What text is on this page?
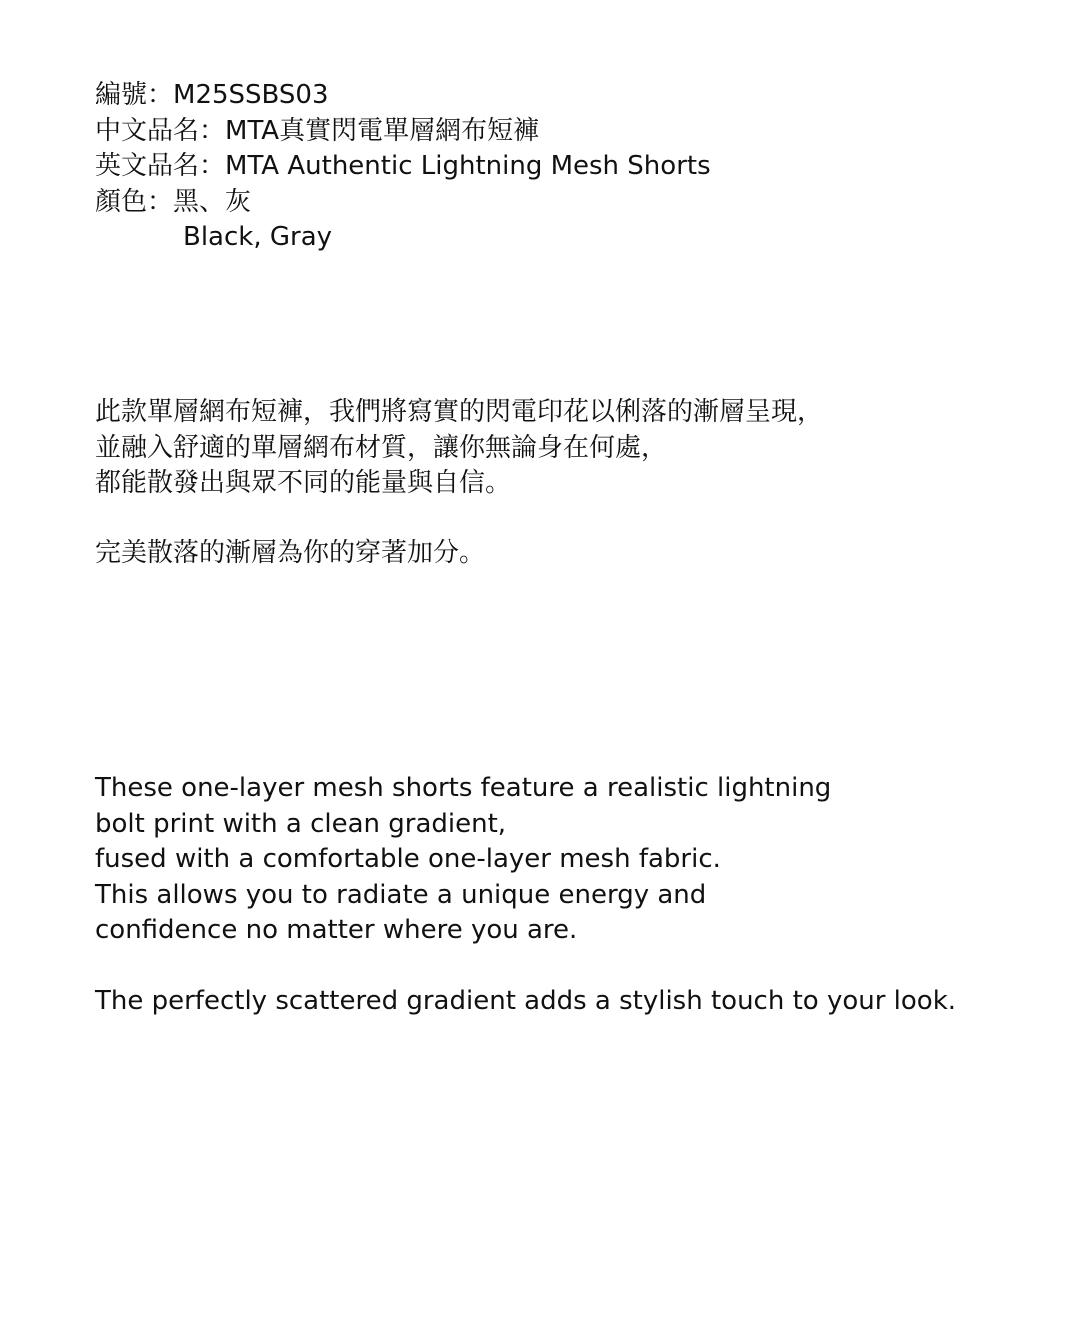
編號：M25SSBS03
中文品名：MTA真實閃電單層網布短褲
英文品名：MTA Authentic Lightning Mesh Shorts
顏色：黑、灰
Black, Gray
此款單層網布短褲，我們將寫實的閃電印花以俐落的漸層呈現，
並融入舒適的單層網布材質，讓你無論身在何處，
都能散發出與眾不同的能量與自信。

完美散落的漸層為你的穿著加分。

These one-layer mesh shorts feature a realistic lightning
bolt print with a clean gradient,
fused with a comfortable one-layer mesh fabric.
This allows you to radiate a unique energy and
confidence no matter where you are.

The perfectly scattered gradient adds a stylish touch to your look.
